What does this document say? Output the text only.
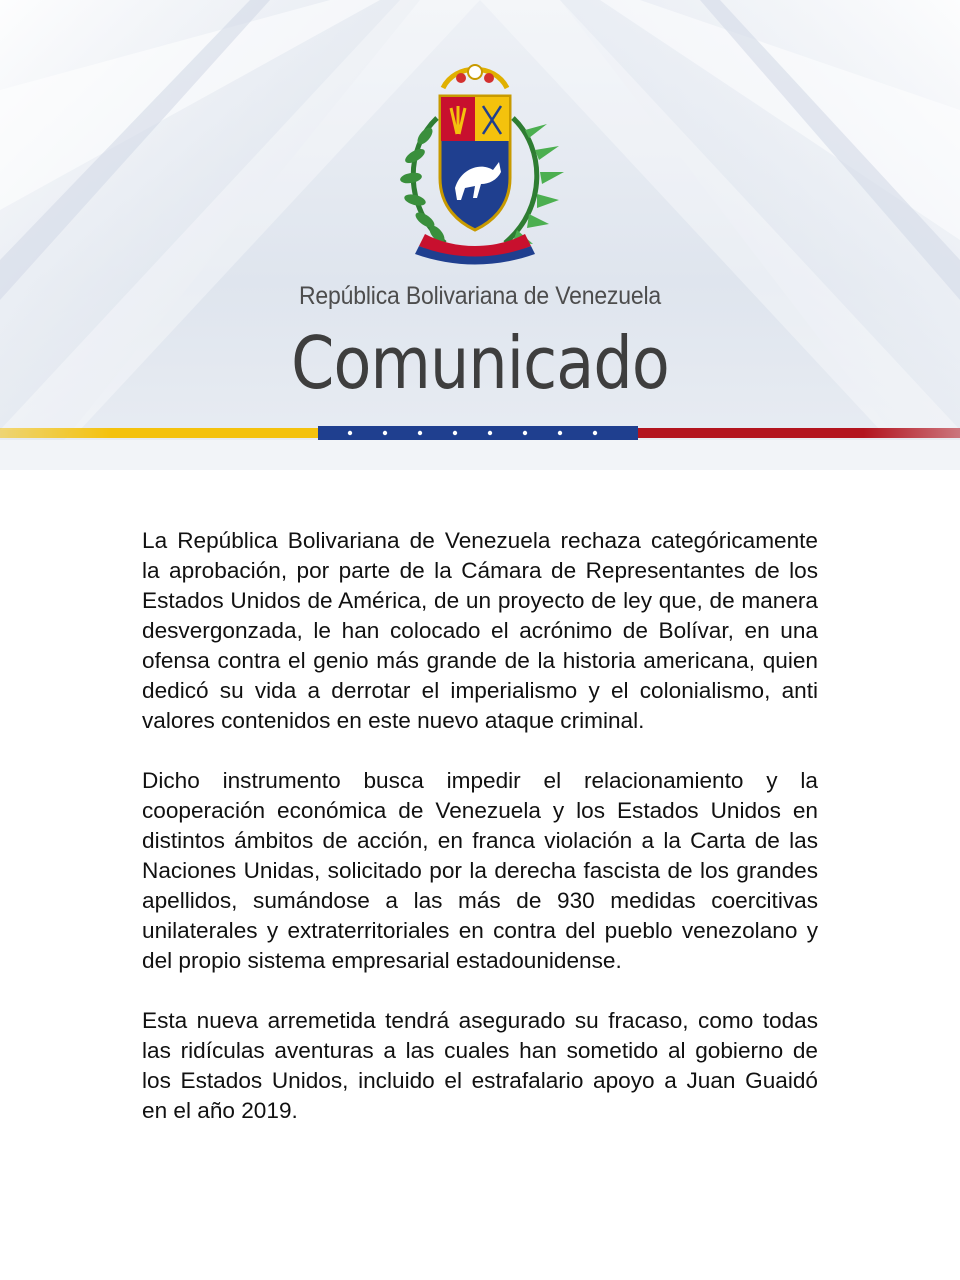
República Bolivariana de Venezuela
Comunicado

La República Bolivariana de Venezuela rechaza categóricamente la aprobación, por parte de la Cámara de Representantes de los Estados Unidos de América, de un proyecto de ley que, de manera desvergonzada, le han colocado el acrónimo de Bolívar, en una ofensa contra el genio más grande de la historia americana, quien dedicó su vida a derrotar el imperialismo y el colonialismo, anti valores contenidos en este nuevo ataque criminal.

Dicho instrumento busca impedir el relacionamiento y la cooperación económica de Venezuela y los Estados Unidos en distintos ámbitos de acción, en franca violación a la Carta de las Naciones Unidas, solicitado por la derecha fascista de los grandes apellidos, sumándose a las más de 930 medidas coercitivas unilaterales y extraterritoriales en contra del pueblo venezolano y del propio sistema empresarial estadounidense.

Esta nueva arremetida tendrá asegurado su fracaso, como todas las ridículas aventuras a las cuales han sometido al gobierno de los Estados Unidos, incluido el estrafalario apoyo a Juan Guaidó en el año 2019.
